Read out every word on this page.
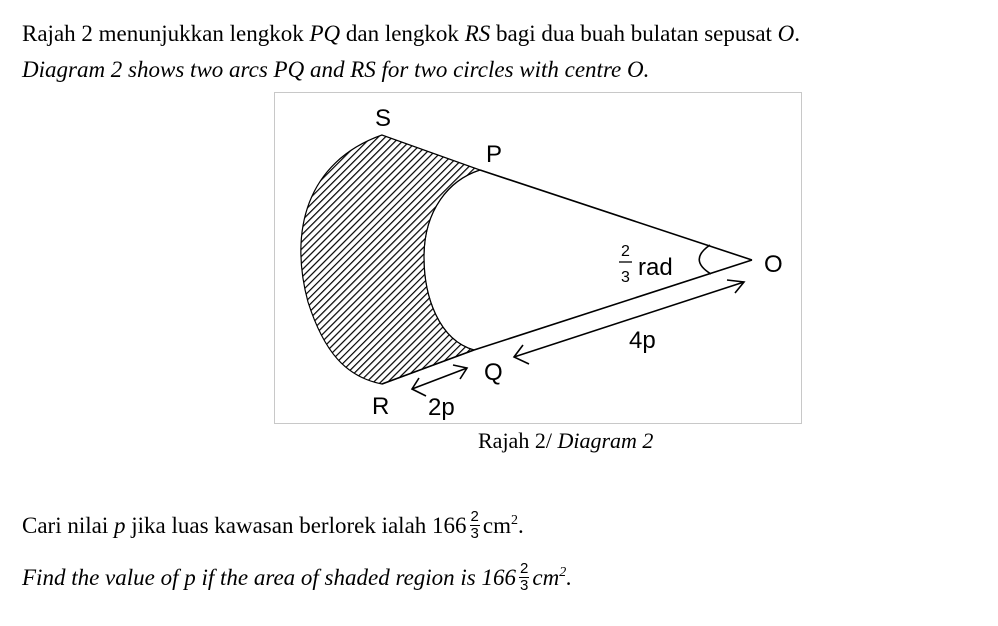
Rajah 2 menunjukkan lengkok PQ dan lengkok RS bagi dua buah bulatan sepusat O.
Diagram 2 shows two arcs PQ and RS for two circles with centre O.
S
P
O
Q
R
2
3 rad
4p
2p
Rajah 2/ Diagram 2
Cari nilai p jika luas kawasan berlorek ialah $166 \frac{2}{3} cm^2$.
Find the value of p if the area of shaded region is $166 \frac{2}{3} cm^2$.
